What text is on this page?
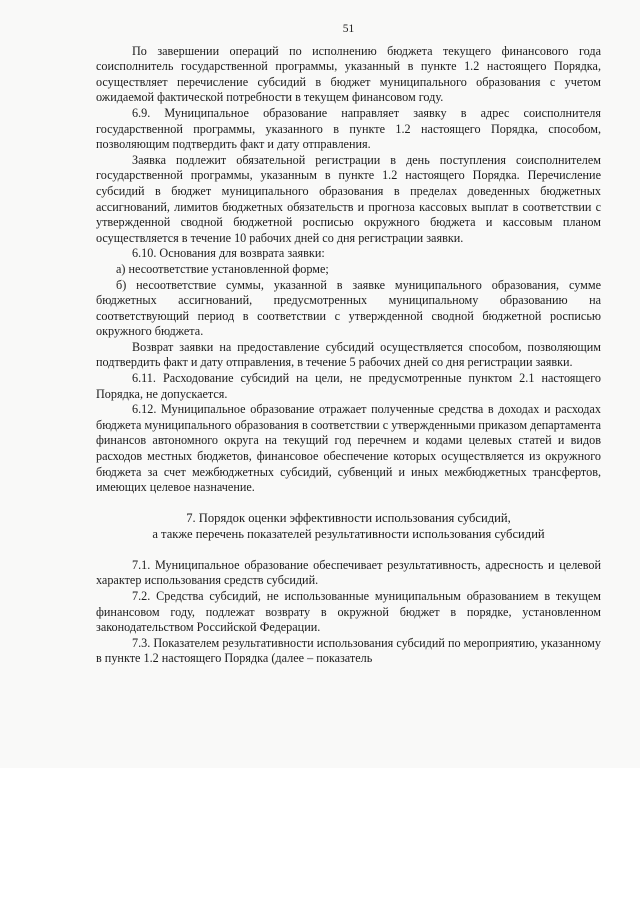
51

По завершении операций по исполнению бюджета текущего финансового года соисполнитель государственной программы, указанный в пункте 1.2 настоящего Порядка, осуществляет перечисление субсидий в бюджет муниципального образования с учетом ожидаемой фактической потребности в текущем финансовом году.

6.9. Муниципальное образование направляет заявку в адрес соисполнителя государственной программы, указанного в пункте 1.2 настоящего Порядка, способом, позволяющим подтвердить факт и дату отправления.

Заявка подлежит обязательной регистрации в день поступления соисполнителем государственной программы, указанным в пункте 1.2 настоящего Порядка. Перечисление субсидий в бюджет муниципального образования в пределах доведенных бюджетных ассигнований, лимитов бюджетных обязательств и прогноза кассовых выплат в соответствии с утвержденной сводной бюджетной росписью окружного бюджета и кассовым планом осуществляется в течение 10 рабочих дней со дня регистрации заявки.

6.10. Основания для возврата заявки:

а) несоответствие установленной форме;

б) несоответствие суммы, указанной в заявке муниципального образования, сумме бюджетных ассигнований, предусмотренных муниципальному образованию на соответствующий период в соответствии с утвержденной сводной бюджетной росписью окружного бюджета.

Возврат заявки на предоставление субсидий осуществляется способом, позволяющим подтвердить факт и дату отправления, в течение 5 рабочих дней со дня регистрации заявки.

6.11. Расходование субсидий на цели, не предусмотренные пунктом 2.1 настоящего Порядка, не допускается.

6.12. Муниципальное образование отражает полученные средства в доходах и расходах бюджета муниципального образования в соответствии с утвержденными приказом департамента финансов автономного округа на текущий год перечнем и кодами целевых статей и видов расходов местных бюджетов, финансовое обеспечение которых осуществляется из окружного бюджета за счет межбюджетных субсидий, субвенций и иных межбюджетных трансфертов, имеющих целевое назначение.

7. Порядок оценки эффективности использования субсидий,
а также перечень показателей результативности использования субсидий

7.1. Муниципальное образование обеспечивает результативность, адресность и целевой характер использования средств субсидий.

7.2. Средства субсидий, не использованные муниципальным образованием в текущем финансовом году, подлежат возврату в окружной бюджет в порядке, установленном законодательством Российской Федерации.

7.3. Показателем результативности использования субсидий по мероприятию, указанному в пункте 1.2 настоящего Порядка (далее – показатель
